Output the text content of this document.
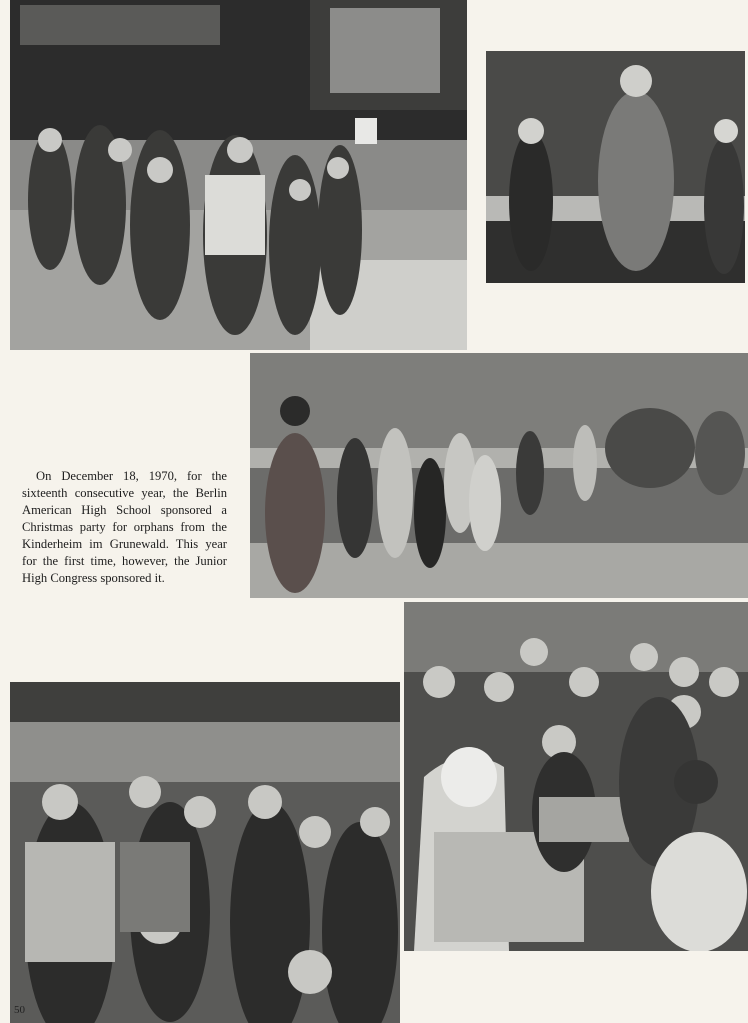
On December 18, 1970, for the sixteenth consecutive year, the Berlin American High School sponsored a Christmas party for orphans from the Kinderheim im Grunewald. This year for the first time, however, the Junior High Congress sponsored it.

50
